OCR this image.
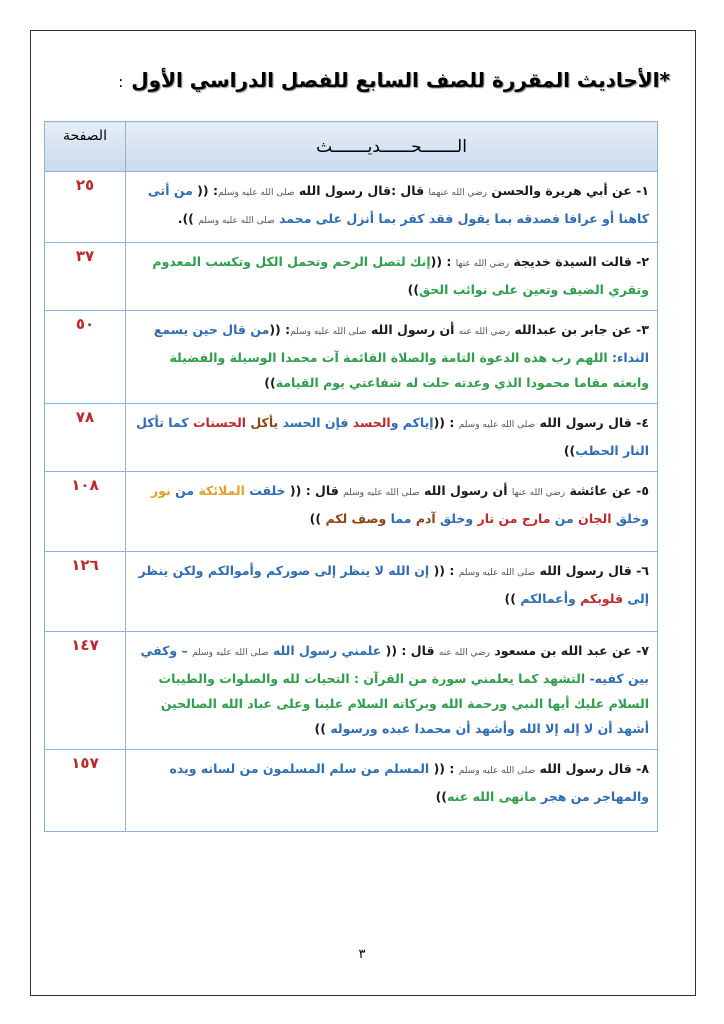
*الأحاديث المقررة للصف السابع للفصل الدراسي الأول:
الـــــــحــــــديـــــــث	الصفحة

١- عن أبي هريرة والحسن رضي الله عنهما قال :قال رسول الله صلى الله عليه وسلم: (( من أتى
كاهنا أو عرافا فصدقه بما يقول فقد كفر بما أنزل على محمد صلى الله عليه وسلم )).	٢٥

٢- قالت السيدة خديجة رضي الله عنها : ((إنك لتصل الرحم وتحمل الكل وتكسب المعدوم
وتقري الضيف وتعين على نوائب الحق))	٣٧

٣- عن جابر بن عبدالله رضي الله عنه أن رسول الله صلى الله عليه وسلم: ((من قال حين يسمع
النداء: اللهم رب هذه الدعوة التامة والصلاة القائمة آت محمدا الوسيلة والفضيلة
وابعثه مقاما محمودا الذي وعدته حلت له شفاعتي يوم القيامة))	٥٠

٤- قال رسول الله صلى الله عليه وسلم : ((إياكم والحسد فإن الحسد يأكل الحسنات كما تأكل
النار الحطب))	٧٨

٥- عن عائشة رضي الله عنها أن رسول الله صلى الله عليه وسلم قال : (( خلقت الملائكة من نور
وخلق الجان من مارج من نار وخلق آدم مما وصف لكم ))	١٠٨

٦- قال رسول الله صلى الله عليه وسلم : (( إن الله لا ينظر إلى صوركم وأموالكم ولكن ينظر
إلى قلوبكم وأعمالكم ))	١٢٦

٧- عن عبد الله بن مسعود رضي الله عنه قال : (( علمني رسول الله صلى الله عليه وسلم – وكفي
بين كفيه- التشهد كما يعلمني سورة من القرآن : التحيات لله والصلوات والطيبات
السلام عليك أيها النبي ورحمة الله وبركاته السلام علينا وعلى عباد الله الصالحين
أشهد أن لا إله إلا الله وأشهد أن محمدا عبده ورسوله ))	١٤٧

٨- قال رسول الله صلى الله عليه وسلم : (( المسلم من سلم المسلمون من لسانه ويده
والمهاجر من هجر مانهى الله عنه))	١٥٧
٣
